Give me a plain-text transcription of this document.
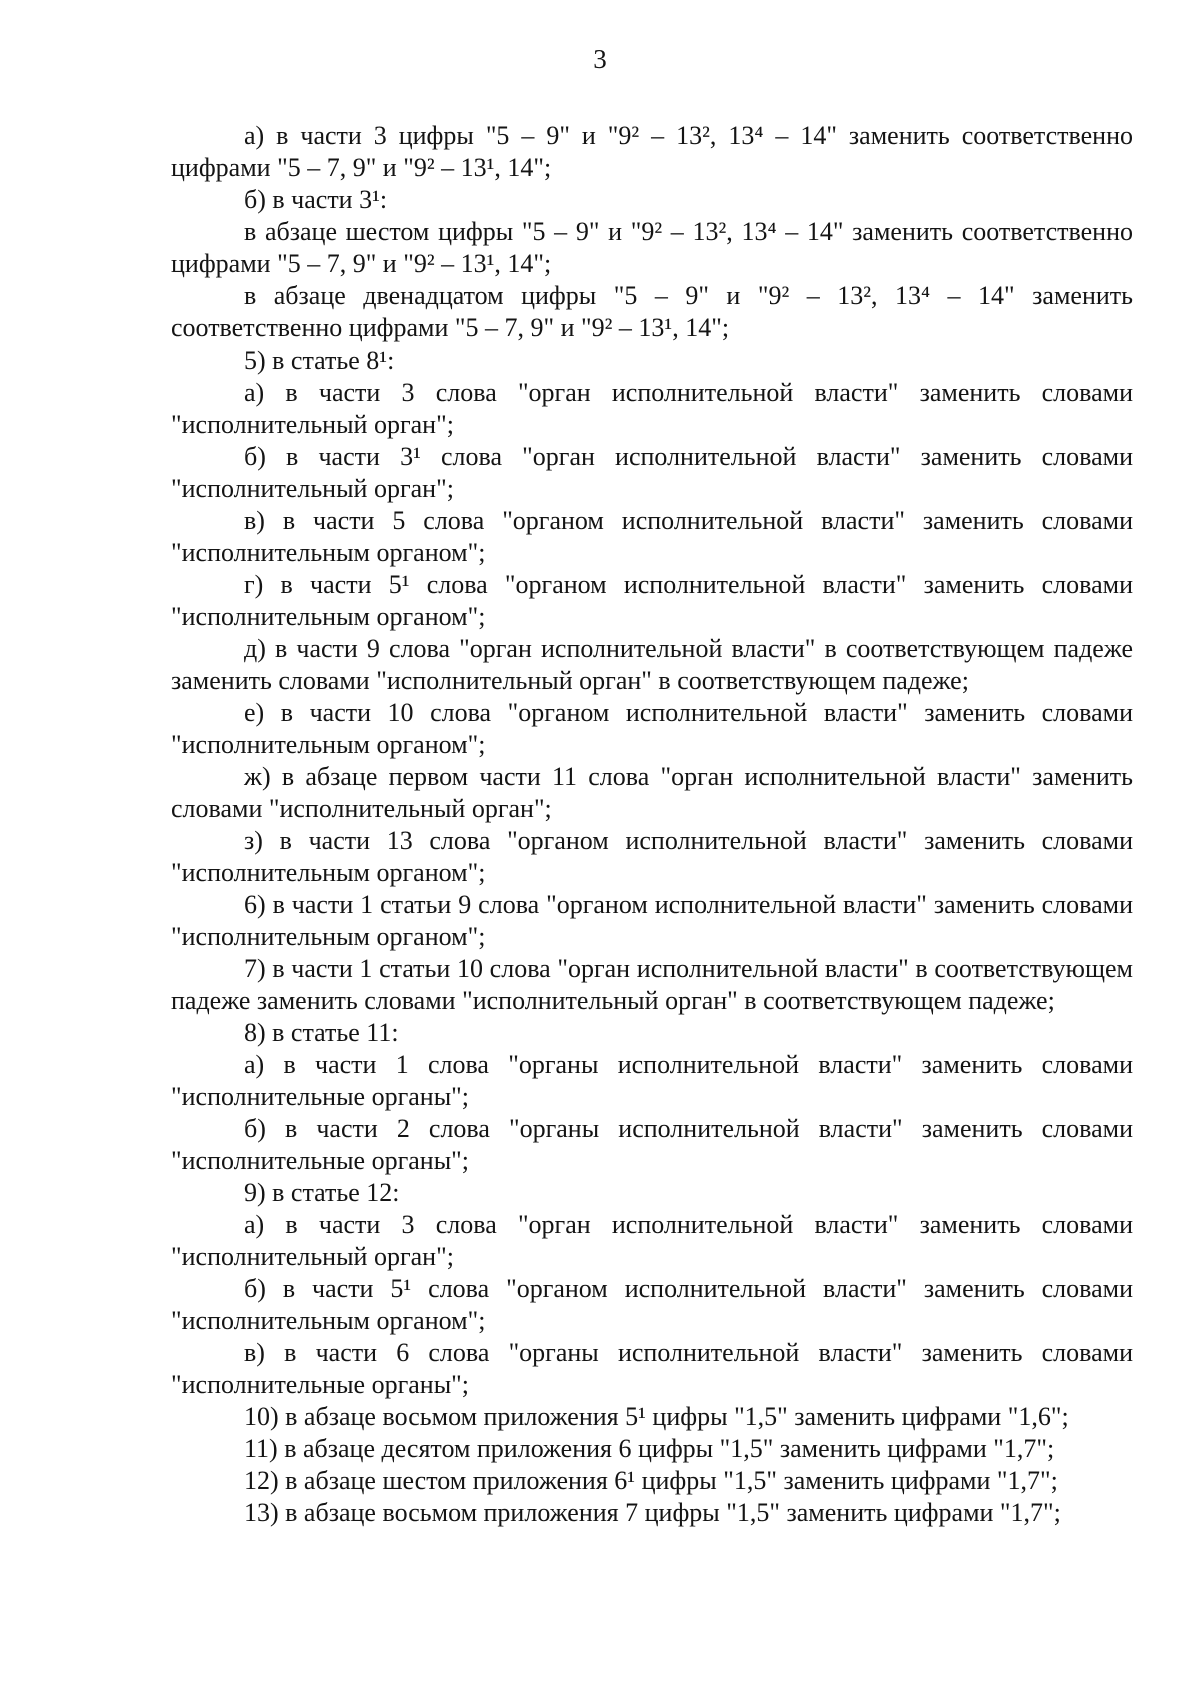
3

а) в части 3 цифры "5 – 9" и "9² – 13², 13⁴ – 14" заменить соответственно цифрами "5 – 7, 9" и "9² – 13¹, 14";

б) в части 3¹:

в абзаце шестом цифры "5 – 9" и "9² – 13², 13⁴ – 14" заменить соответственно цифрами "5 – 7, 9" и "9² – 13¹, 14";

в абзаце двенадцатом цифры "5 – 9" и "9² – 13², 13⁴ – 14" заменить соответственно цифрами "5 – 7, 9" и "9² – 13¹, 14";

5) в статье 8¹:

а) в части 3 слова "орган исполнительной власти" заменить словами "исполнительный орган";

б) в части 3¹ слова "орган исполнительной власти" заменить словами "исполнительный орган";

в) в части 5 слова "органом исполнительной власти" заменить словами "исполнительным органом";

г) в части 5¹ слова "органом исполнительной власти" заменить словами "исполнительным органом";

д) в части 9 слова "орган исполнительной власти" в соответствующем падеже заменить словами "исполнительный орган" в соответствующем падеже;

е) в части 10 слова "органом исполнительной власти" заменить словами "исполнительным органом";

ж) в абзаце первом части 11 слова "орган исполнительной власти" заменить словами "исполнительный орган";

з) в части 13 слова "органом исполнительной власти" заменить словами "исполнительным органом";

6) в части 1 статьи 9 слова "органом исполнительной власти" заменить словами "исполнительным органом";

7) в части 1 статьи 10 слова "орган исполнительной власти" в соответствующем падеже заменить словами "исполнительный орган" в соответствующем падеже;

8) в статье 11:

а) в части 1 слова "органы исполнительной власти" заменить словами "исполнительные органы";

б) в части 2 слова "органы исполнительной власти" заменить словами "исполнительные органы";

9) в статье 12:

а) в части 3 слова "орган исполнительной власти" заменить словами "исполнительный орган";

б) в части 5¹ слова "органом исполнительной власти" заменить словами "исполнительным органом";

в) в части 6 слова "органы исполнительной власти" заменить словами "исполнительные органы";

10) в абзаце восьмом приложения 5¹ цифры "1,5" заменить цифрами "1,6";

11) в абзаце десятом приложения 6 цифры "1,5" заменить цифрами "1,7";

12) в абзаце шестом приложения 6¹ цифры "1,5" заменить цифрами "1,7";

13) в абзаце восьмом приложения 7 цифры "1,5" заменить цифрами "1,7";
